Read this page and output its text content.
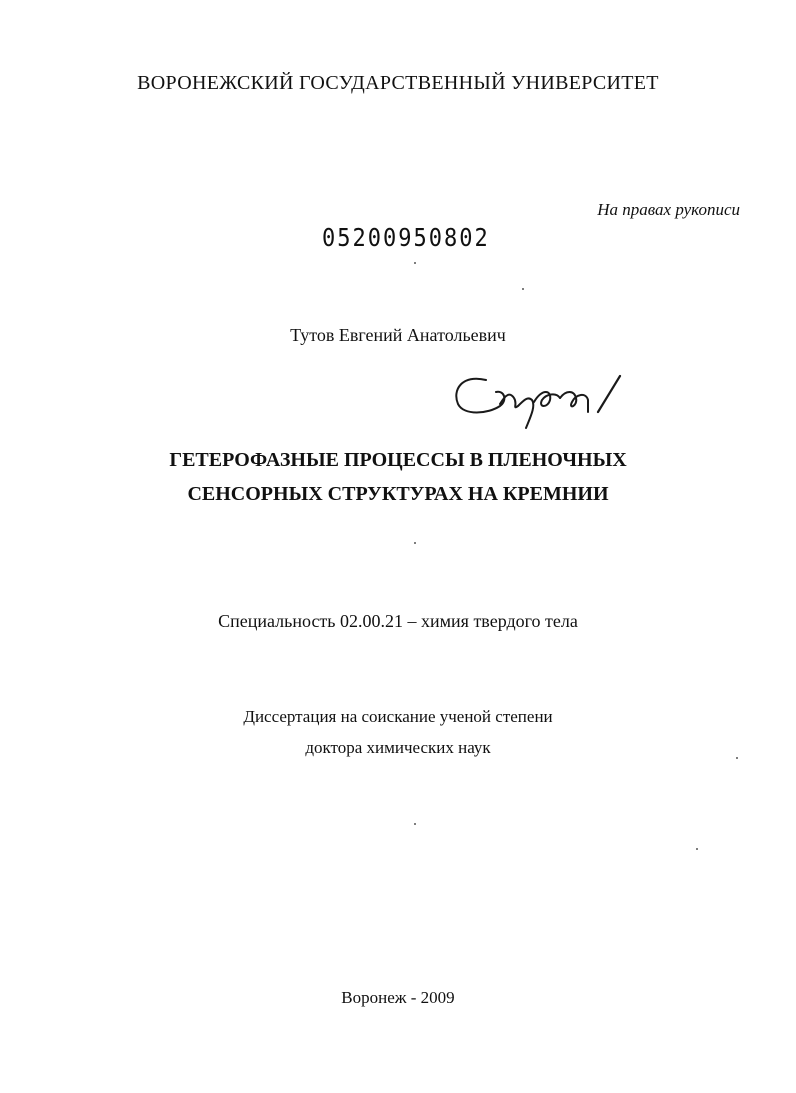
ВОРОНЕЖСКИЙ ГОСУДАРСТВЕННЫЙ УНИВЕРСИТЕТ
На правах рукописи
05200950802
Тутов Евгений Анатольевич
ГЕТЕРОФАЗНЫЕ ПРОЦЕССЫ В ПЛЕНОЧНЫХ
СЕНСОРНЫХ СТРУКТУРАХ НА КРЕМНИИ
Специальность 02.00.21 – химия твердого тела
Диссертация на соискание ученой степени
доктора химических наук
Воронеж - 2009
